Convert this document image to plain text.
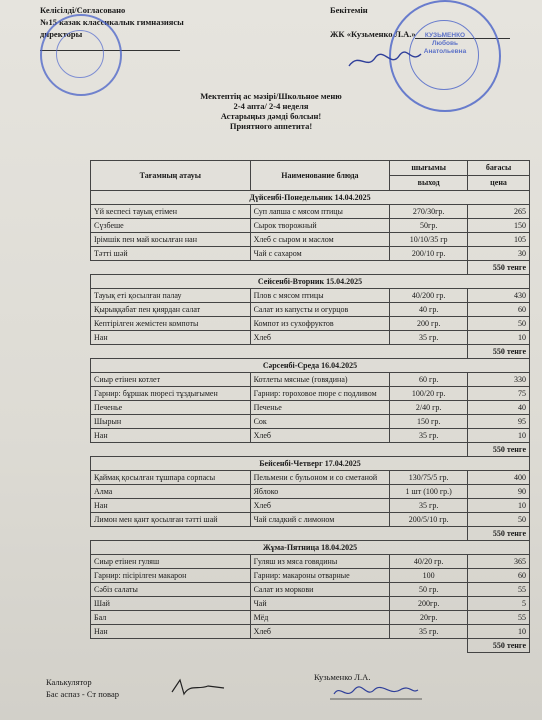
Келісілді/Согласовано
№15 казак классикалык гимназиясы
директоры
Бекітемін
ЖК «Кузьменко Л.А.»	КУЗЬМЕНКО
Любовь
Анатольевна
Мектептің ас мәзірі/Школьное меню
2-4 апта/ 2-4 неделя
Астарыңыз дәмді болсын!
Приятного аппетита!
Тағамның атауы	Наименование блюда	шығымы	бағасы
		выход	цена
Дүйсенбі-Понедельник 14.04.2025			
Үй кеспесі тауық етімен	Суп лапша с мясом птицы	270/30гр.	265
Сүзбеше	Сырок творожный	50гр.	150
Ірімшік пен май косылған нан	Хлеб с сыром и маслом	10/10/35 гр	105
Тәтті шәй	Чай с сахаром	200/10 гр.	30
			550 тенге
Сейсенбі-Вторник 15.04.2025			
Тауық еті қосылған палау	Плов с мясом птицы	40/200 гр.	430
Қырыққабат пен қиярдан салат	Салат из капусты и огурцов	40 гр.	60
Кептірілген жемістен компоты	Компот из сухофруктов	200 гр.	50
Нан	Хлеб	35 гр.	10
			550 тенге
Сәрсенбі-Среда 16.04.2025			
Сиыр етінен котлет	Котлеты мясные (говядина)	60 гр.	330
Гарнир: бұршак пюресі тұздығымен	Гарнир: гороховое пюре с подливом	100/20 гр.	75
Печенье	Печенье	2/40 гр.	40
Шырын	Сок	150 гр.	95
Нан	Хлеб	35 гр.	10
			550 тенге
Бейсенбі-Четверг 17.04.2025			
Қаймақ қосылған тұшпара сорпасы	Пельмени с бульоном и со сметаной	130/75/5 гр.	400
Алма	Яблоко	1 шт (100 гр.)	90
Нан	Хлеб	35 гр.	10
Лимон мен қант қосылған тәтті шай	Чай сладкий с лимоном	200/5/10 гр.	50
			550 тенге
Жұма-Пятница 18.04.2025			
Сиыр етінен гуляш	Гуляш из мяса говядины	40/20 гр.	365
Гарнир: пісірілген макарон	Гарнир: макароны отварные	100	60
Сәбіз салаты	Салат из моркови	50 гр.	55
Шай	Чай	200гр.	5
Бал	Мёд	20гр.	55
Нан	Хлеб	35 гр.	10
			550 тенге
Калькулятор
Бас аспаз - Ст повар
Кузьменко Л.А.
